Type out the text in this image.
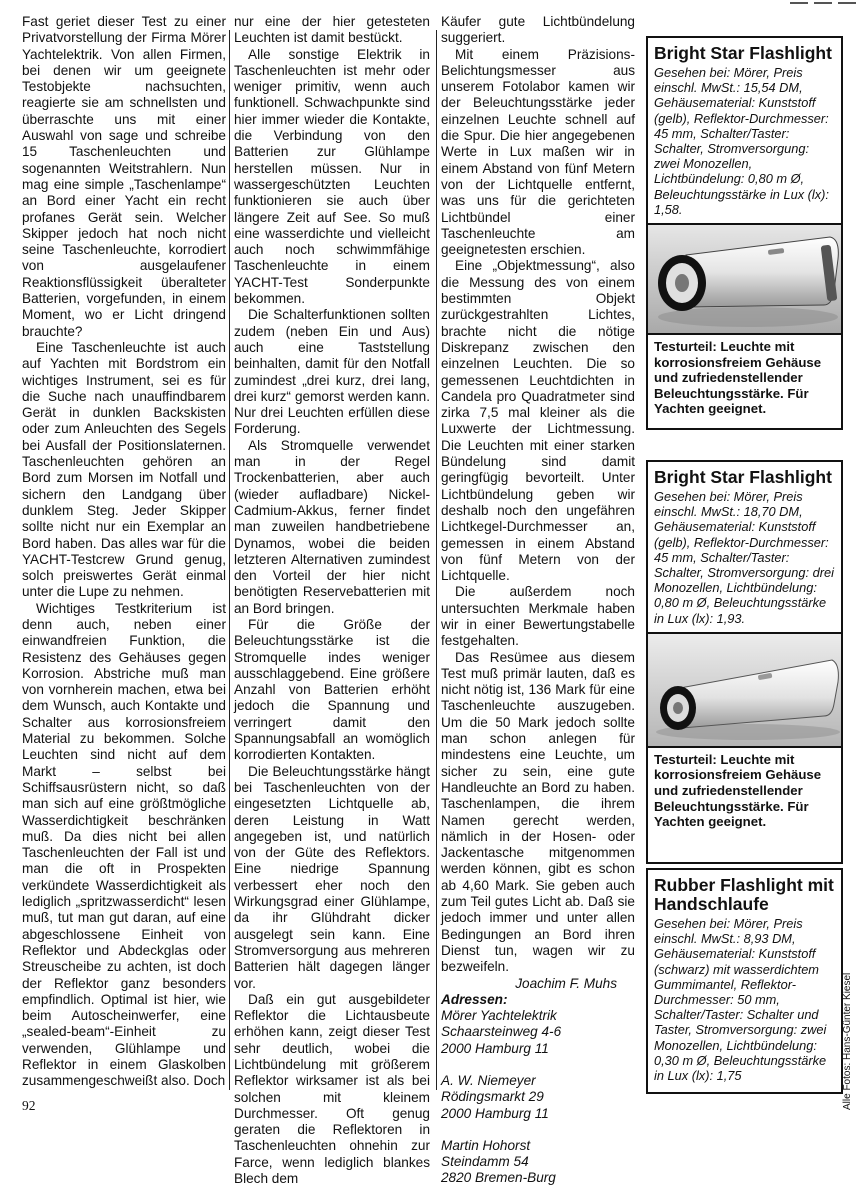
Fast geriet dieser Test zu einer Privatvorstellung der Firma Mörer Yachtelektrik. Von allen Firmen, bei denen wir um geeignete Testobjekte nachsuchten, reagierte sie am schnellsten und überraschte uns mit einer Auswahl von sage und schreibe 15 Taschenleuchten und sogenannten Weitstrahlern. Nun mag eine simple „Taschenlampe“ an Bord einer Yacht ein recht profanes Gerät sein. Welcher Skipper jedoch hat noch nicht seine Taschenleuchte, korrodiert von ausgelaufener Reaktionsflüssigkeit überalteter Batterien, vorgefunden, in einem Moment, wo er Licht dringend brauchte?

Eine Taschenleuchte ist auch auf Yachten mit Bordstrom ein wichtiges Instrument, sei es für die Suche nach unauffindbarem Gerät in dunklen Backskisten oder zum Anleuchten des Segels bei Ausfall der Positionslaternen. Taschenleuchten gehören an Bord zum Morsen im Notfall und sichern den Landgang über dunklem Steg. Jeder Skipper sollte nicht nur ein Exemplar an Bord haben. Das alles war für die YACHT-Testcrew Grund genug, solch preiswertes Gerät einmal unter die Lupe zu nehmen.

Wichtiges Testkriterium ist denn auch, neben einer einwandfreien Funktion, die Resistenz des Gehäuses gegen Korrosion. Abstriche muß man von vornherein machen, etwa bei dem Wunsch, auch Kontakte und Schalter aus korrosionsfreiem Material zu bekommen. Solche Leuchten sind nicht auf dem Markt – selbst bei Schiffsausrüstern nicht, so daß man sich auf eine größtmögliche Wasserdichtigkeit beschränken muß. Da dies nicht bei allen Taschenleuchten der Fall ist und man die oft in Prospekten verkündete Wasserdichtigkeit als lediglich „spritzwasserdicht“ lesen muß, tut man gut daran, auf eine abgeschlossene Einheit von Reflektor und Abdeckglas oder Streuscheibe zu achten, ist doch der Reflektor ganz besonders empfindlich. Optimal ist hier, wie beim Autoscheinwerfer, eine „sealed-beam“-Einheit zu verwenden, Glühlampe und Reflektor in einem Glaskolben zusammengeschweißt also. Doch

nur eine der hier getesteten Leuchten ist damit bestückt.

Alle sonstige Elektrik in Taschenleuchten ist mehr oder weniger primitiv, wenn auch funktionell. Schwachpunkte sind hier immer wieder die Kontakte, die Verbindung von den Batterien zur Glühlampe herstellen müssen. Nur in wassergeschützten Leuchten funktionieren sie auch über längere Zeit auf See. So muß eine wasserdichte und vielleicht auch noch schwimmfähige Taschenleuchte in einem YACHT-Test Sonderpunkte bekommen.

Die Schalterfunktionen sollten zudem (neben Ein und Aus) auch eine Taststellung beinhalten, damit für den Notfall zumindest „drei kurz, drei lang, drei kurz“ gemorst werden kann. Nur drei Leuchten erfüllen diese Forderung.

Als Stromquelle verwendet man in der Regel Trockenbatterien, aber auch (wieder aufladbare) Nickel-Cadmium-Akkus, ferner findet man zuweilen handbetriebene Dynamos, wobei die beiden letzteren Alternativen zumindest den Vorteil der hier nicht benötigten Reservebatterien mit an Bord bringen.

Für die Größe der Beleuchtungsstärke ist die Stromquelle indes weniger ausschlaggebend. Eine größere Anzahl von Batterien erhöht jedoch die Spannung und verringert damit den Spannungsabfall an womöglich korrodierten Kontakten.

Die Beleuchtungsstärke hängt bei Taschenleuchten von der eingesetzten Lichtquelle ab, deren Leistung in Watt angegeben ist, und natürlich von der Güte des Reflektors. Eine niedrige Spannung verbessert eher noch den Wirkungsgrad einer Glühlampe, da ihr Glühdraht dicker ausgelegt sein kann. Eine Stromversorgung aus mehreren Batterien hält dagegen länger vor.

Daß ein gut ausgebildeter Reflektor die Lichtausbeute erhöhen kann, zeigt dieser Test sehr deutlich, wobei die Lichtbündelung mit größerem Reflektor wirksamer ist als bei solchen mit kleinem Durchmesser. Oft genug geraten die Reflektoren in Taschenleuchten ohnehin zur Farce, wenn lediglich blankes Blech dem

Käufer gute Lichtbündelung suggeriert.

Mit einem Präzisions-Belichtungsmesser aus unserem Fotolabor kamen wir der Beleuchtungsstärke jeder einzelnen Leuchte schnell auf die Spur. Die hier angegebenen Werte in Lux maßen wir in einem Abstand von fünf Metern von der Lichtquelle entfernt, was uns für die gerichteten Lichtbündel einer Taschenleuchte am geeignetesten erschien.

Eine „Objektmessung“, also die Messung des von einem bestimmten Objekt zurückgestrahlten Lichtes, brachte nicht die nötige Diskrepanz zwischen den einzelnen Leuchten. Die so gemessenen Leuchtdichten in Candela pro Quadratmeter sind zirka 7,5 mal kleiner als die Luxwerte der Lichtmessung. Die Leuchten mit einer starken Bündelung sind damit geringfügig bevorteilt. Unter Lichtbündelung geben wir deshalb noch den ungefähren Lichtkegel-Durchmesser an, gemessen in einem Abstand von fünf Metern von der Lichtquelle.

Die außerdem noch untersuchten Merkmale haben wir in einer Bewertungstabelle festgehalten.

Das Resümee aus diesem Test muß primär lauten, daß es nicht nötig ist, 136 Mark für eine Taschenleuchte auszugeben. Um die 50 Mark jedoch sollte man schon anlegen für mindestens eine Leuchte, um sicher zu sein, eine gute Handleuchte an Bord zu haben. Taschenlampen, die ihrem Namen gerecht werden, nämlich in der Hosen- oder Jackentasche mitgenommen werden können, gibt es schon ab 4,60 Mark. Sie geben auch zum Teil gutes Licht ab. Daß sie jedoch immer und unter allen Bedingungen an Bord ihren Dienst tun, wagen wir zu bezweifeln.

Joachim F. Muhs
Adressen:
Mörer Yachtelektrik
Schaarsteinweg 4-6
2000 Hamburg 11
A. W. Niemeyer
Rödingsmarkt 29
2000 Hamburg 11
Martin Hohorst
Steindamm 54
2820 Bremen-Burg
Bright Star Flashlight
Gesehen bei: Mörer, Preis einschl. MwSt.: 15,54 DM, Gehäusematerial: Kunststoff (gelb), Reflektor-Durchmesser: 45 mm, Schalter/Taster: Schalter, Stromversorgung: zwei Monozellen, Lichtbündelung: 0,80 m Ø, Beleuchtungsstärke in Lux (lx): 1,58.
Testurteil: Leuchte mit korrosionsfreiem Gehäuse und zufriedenstellender Beleuchtungsstärke. Für Yachten geeignet.
Bright Star Flashlight
Gesehen bei: Mörer, Preis einschl. MwSt.: 18,70 DM, Gehäusematerial: Kunststoff (gelb), Reflektor-Durchmesser: 45 mm, Schalter/Taster: Schalter, Stromversorgung: drei Monozellen, Lichtbündelung: 0,80 m Ø, Beleuchtungsstärke in Lux (lx): 1,93.
Testurteil: Leuchte mit korrosionsfreiem Gehäuse und zufriedenstellender Beleuchtungsstärke. Für Yachten geeignet.
Rubber Flashlight mit Handschlaufe
Gesehen bei: Mörer, Preis einschl. MwSt.: 8,93 DM, Gehäusematerial: Kunststoff (schwarz) mit wasserdichtem Gummimantel, Reflektor-Durchmesser: 50 mm, Schalter/Taster: Schalter und Taster, Stromversorgung: zwei Monozellen, Lichtbündelung: 0,30 m Ø, Beleuchtungsstärke in Lux (lx): 1,75	Alle Fotos: Hans-Günter Kiesel
92
